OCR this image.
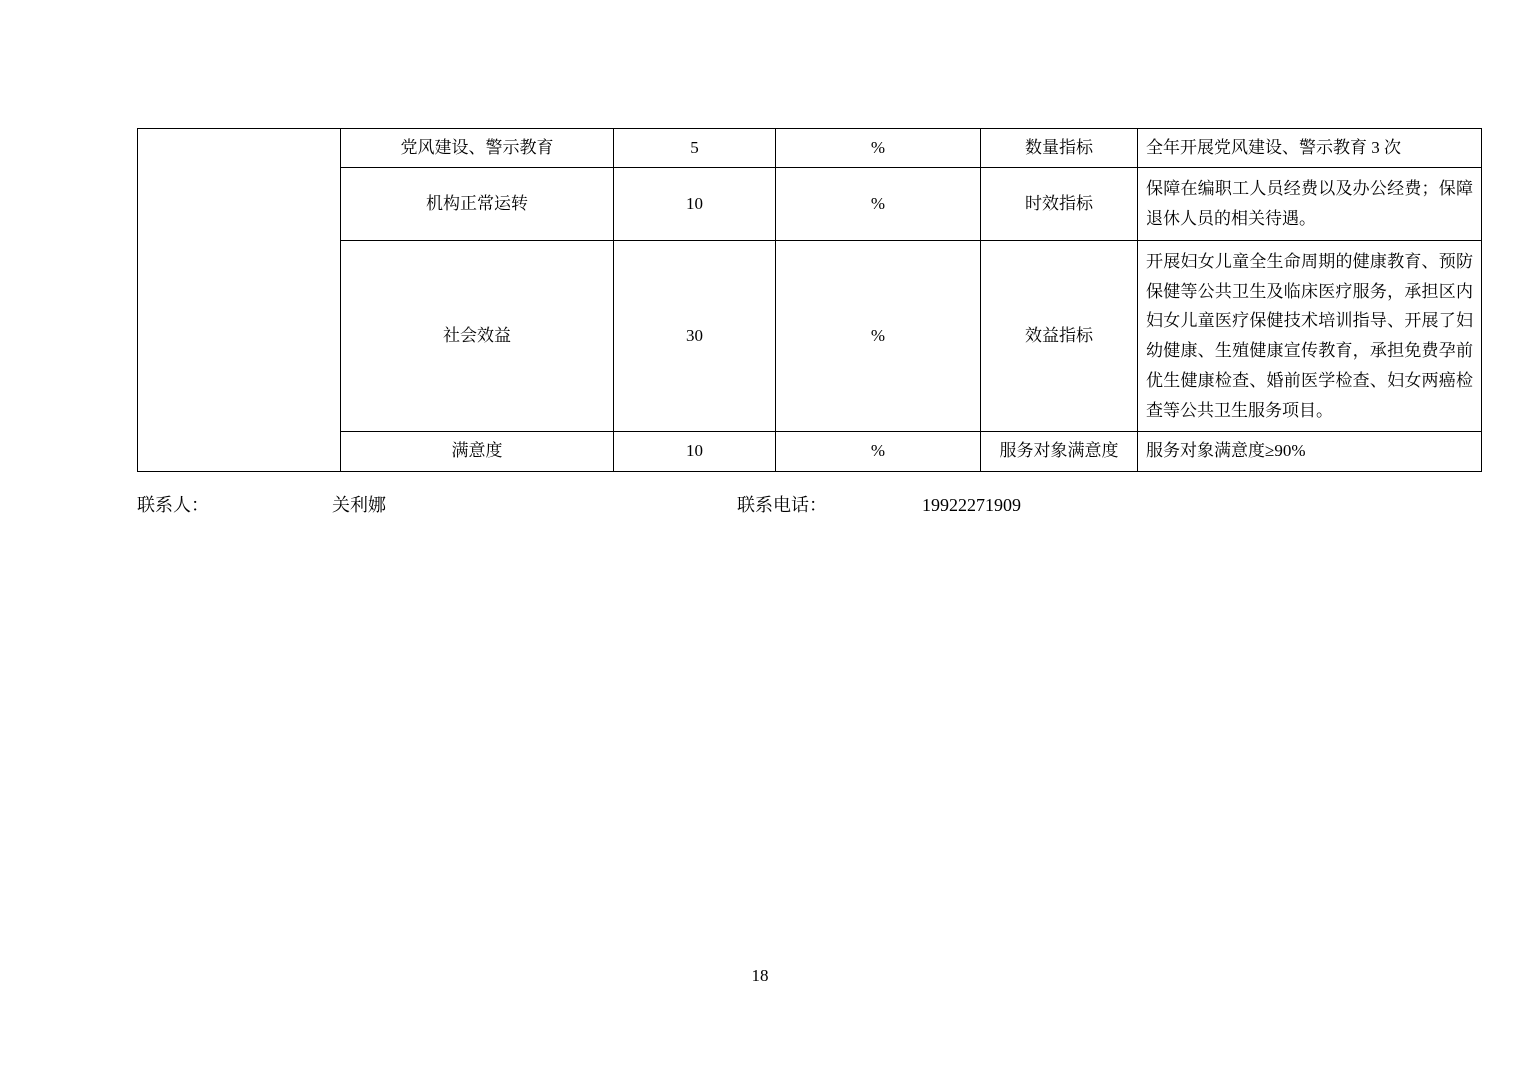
	党风建设、警示教育	5	%	数量指标	全年开展党风建设、警示教育 3 次

	机构正常运转	10	%	时效指标	保障在编职工人员经费以及办公经费；保障退休人员的相关待遇。

	社会效益	30	%	效益指标	开展妇女儿童全生命周期的健康教育、预防保健等公共卫生及临床医疗服务，承担区内妇女儿童医疗保健技术培训指导、开展了妇幼健康、生殖健康宣传教育，承担免费孕前优生健康检查、婚前医学检查、妇女两癌检查等公共卫生服务项目。

	满意度	10	%	服务对象满意度	服务对象满意度≥90%
联系人：	关利娜	联系电话：	19922271909
18
